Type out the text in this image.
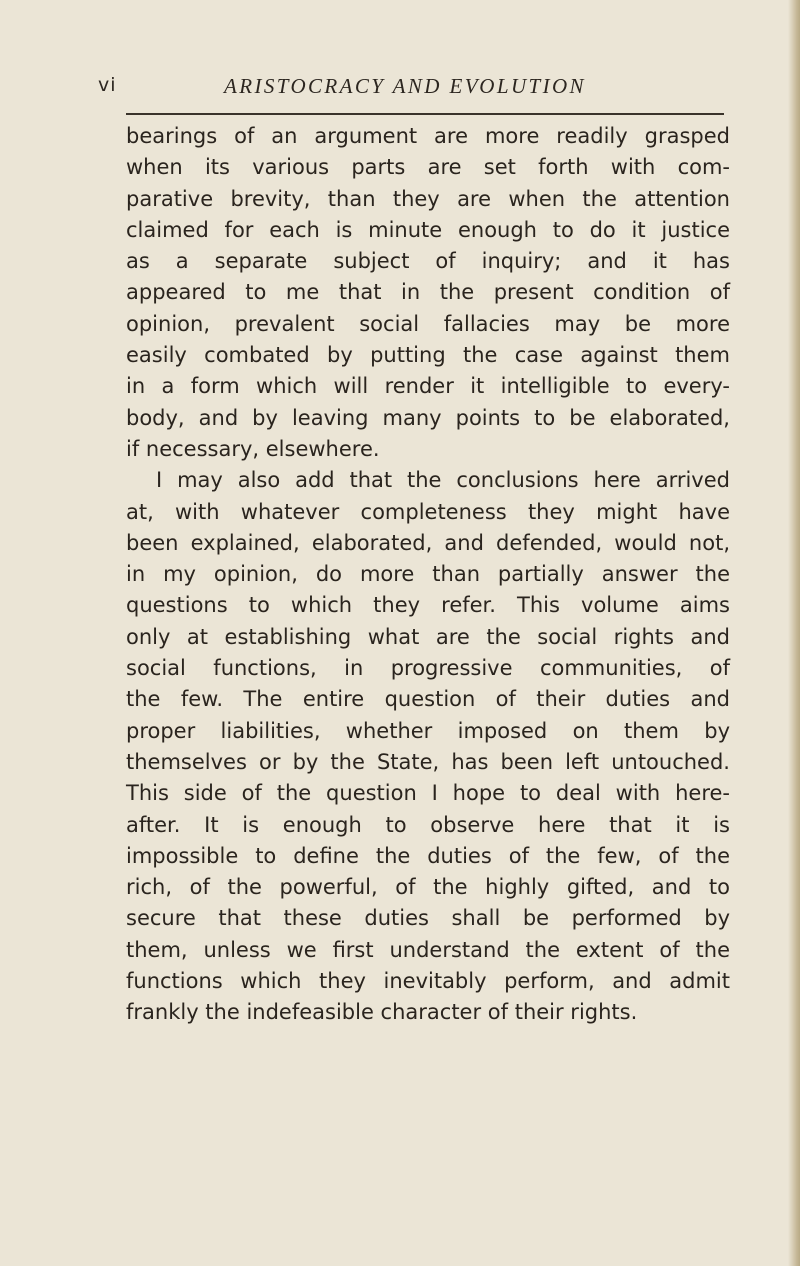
vi	ARISTOCRACY AND EVOLUTION
bearings of an argument are more readily grasped
when its various parts are set forth with com-
parative brevity, than they are when the attention
claimed for each is minute enough to do it justice
as a separate subject of inquiry; and it has
appeared to me that in the present condition of
opinion, prevalent social fallacies may be more
easily combated by putting the case against them
in a form which will render it intelligible to every-
body, and by leaving many points to be elaborated,
if necessary, elsewhere.
I may also add that the conclusions here arrived
at, with whatever completeness they might have
been explained, elaborated, and defended, would not,
in my opinion, do more than partially answer the
questions to which they refer. This volume aims
only at establishing what are the social rights and
social functions, in progressive communities, of
the few. The entire question of their duties and
proper liabilities, whether imposed on them by
themselves or by the State, has been left untouched.
This side of the question I hope to deal with here-
after. It is enough to observe here that it is
impossible to define the duties of the few, of the
rich, of the powerful, of the highly gifted, and to
secure that these duties shall be performed by
them, unless we first understand the extent of the
functions which they inevitably perform, and admit
frankly the indefeasible character of their rights.
